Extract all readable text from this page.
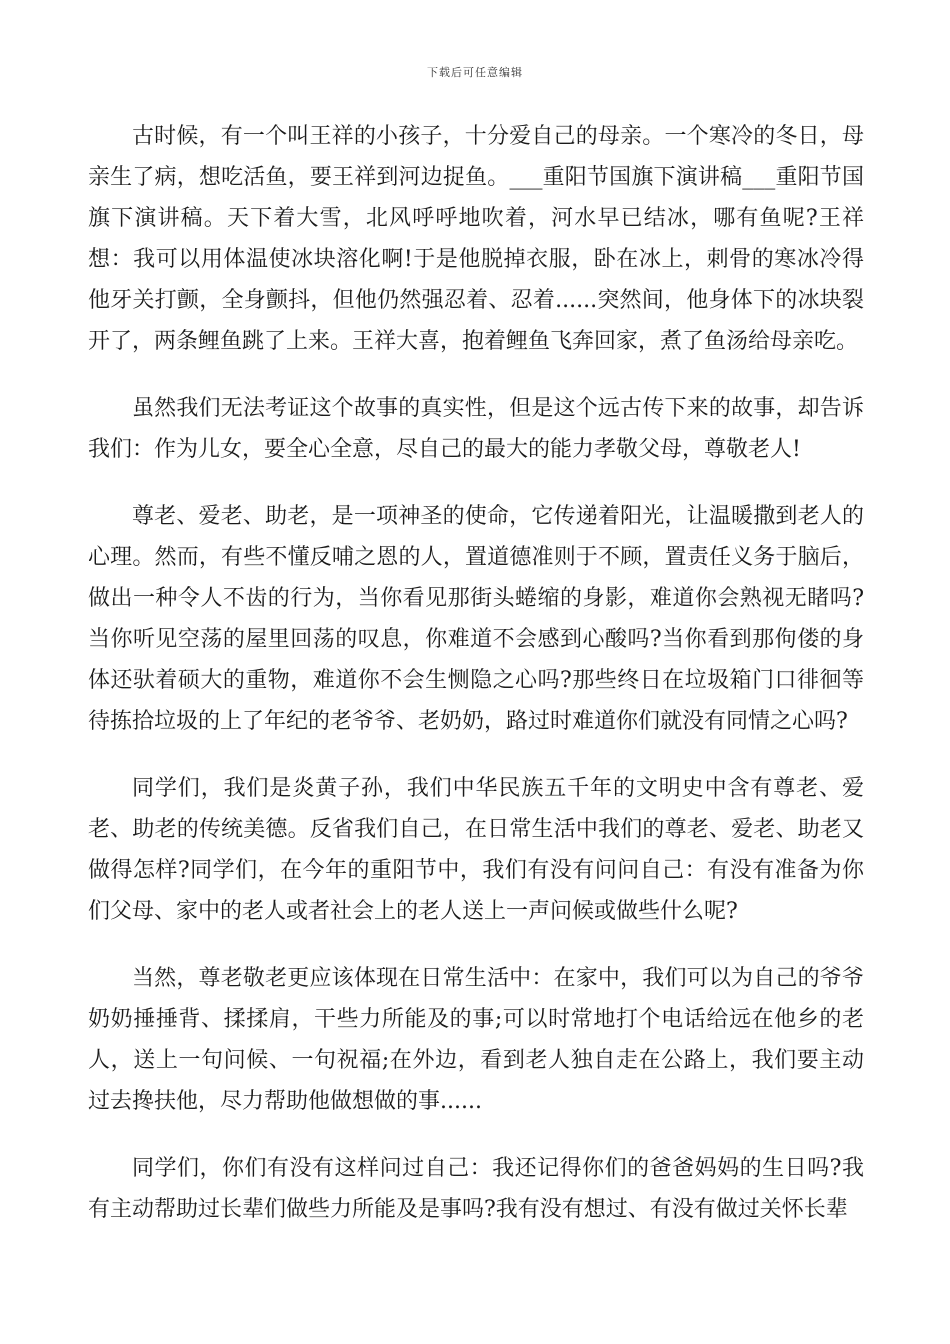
下载后可任意编辑

古时候，有一个叫王祥的小孩子，十分爱自己的母亲。一个寒冷的冬日，母亲生了病，想吃活鱼，要王祥到河边捉鱼。___重阳节国旗下演讲稿___重阳节国旗下演讲稿。天下着大雪，北风呼呼地吹着，河水早已结冰，哪有鱼呢?王祥想：我可以用体温使冰块溶化啊!于是他脱掉衣服，卧在冰上，刺骨的寒冰冷得他牙关打颤，全身颤抖，但他仍然强忍着、忍着......突然间，他身体下的冰块裂开了，两条鲤鱼跳了上来。王祥大喜，抱着鲤鱼飞奔回家，煮了鱼汤给母亲吃。

虽然我们无法考证这个故事的真实性，但是这个远古传下来的故事，却告诉我们：作为儿女，要全心全意，尽自己的最大的能力孝敬父母，尊敬老人!

尊老、爱老、助老，是一项神圣的使命，它传递着阳光，让温暖撒到老人的心理。然而，有些不懂反哺之恩的人，置道德准则于不顾，置责任义务于脑后，做出一种令人不齿的行为，当你看见那街头蜷缩的身影，难道你会熟视无睹吗?当你听见空荡的屋里回荡的叹息，你难道不会感到心酸吗?当你看到那佝偻的身体还驮着硕大的重物，难道你不会生恻隐之心吗?那些终日在垃圾箱门口徘徊等待拣拾垃圾的上了年纪的老爷爷、老奶奶，路过时难道你们就没有同情之心吗?

同学们，我们是炎黄子孙，我们中华民族五千年的文明史中含有尊老、爱老、助老的传统美德。反省我们自己，在日常生活中我们的尊老、爱老、助老又做得怎样?同学们，在今年的重阳节中，我们有没有问问自己：有没有准备为你们父母、家中的老人或者社会上的老人送上一声问候或做些什么呢?

当然，尊老敬老更应该体现在日常生活中：在家中，我们可以为自己的爷爷奶奶捶捶背、揉揉肩，干些力所能及的事;可以时常地打个电话给远在他乡的老人，送上一句问候、一句祝福;在外边，看到老人独自走在公路上，我们要主动过去搀扶他，尽力帮助他做想做的事......

同学们，你们有没有这样问过自己：我还记得你们的爸爸妈妈的生日吗?我有主动帮助过长辈们做些力所能及是事吗?我有没有想过、有没有做过关怀长辈
